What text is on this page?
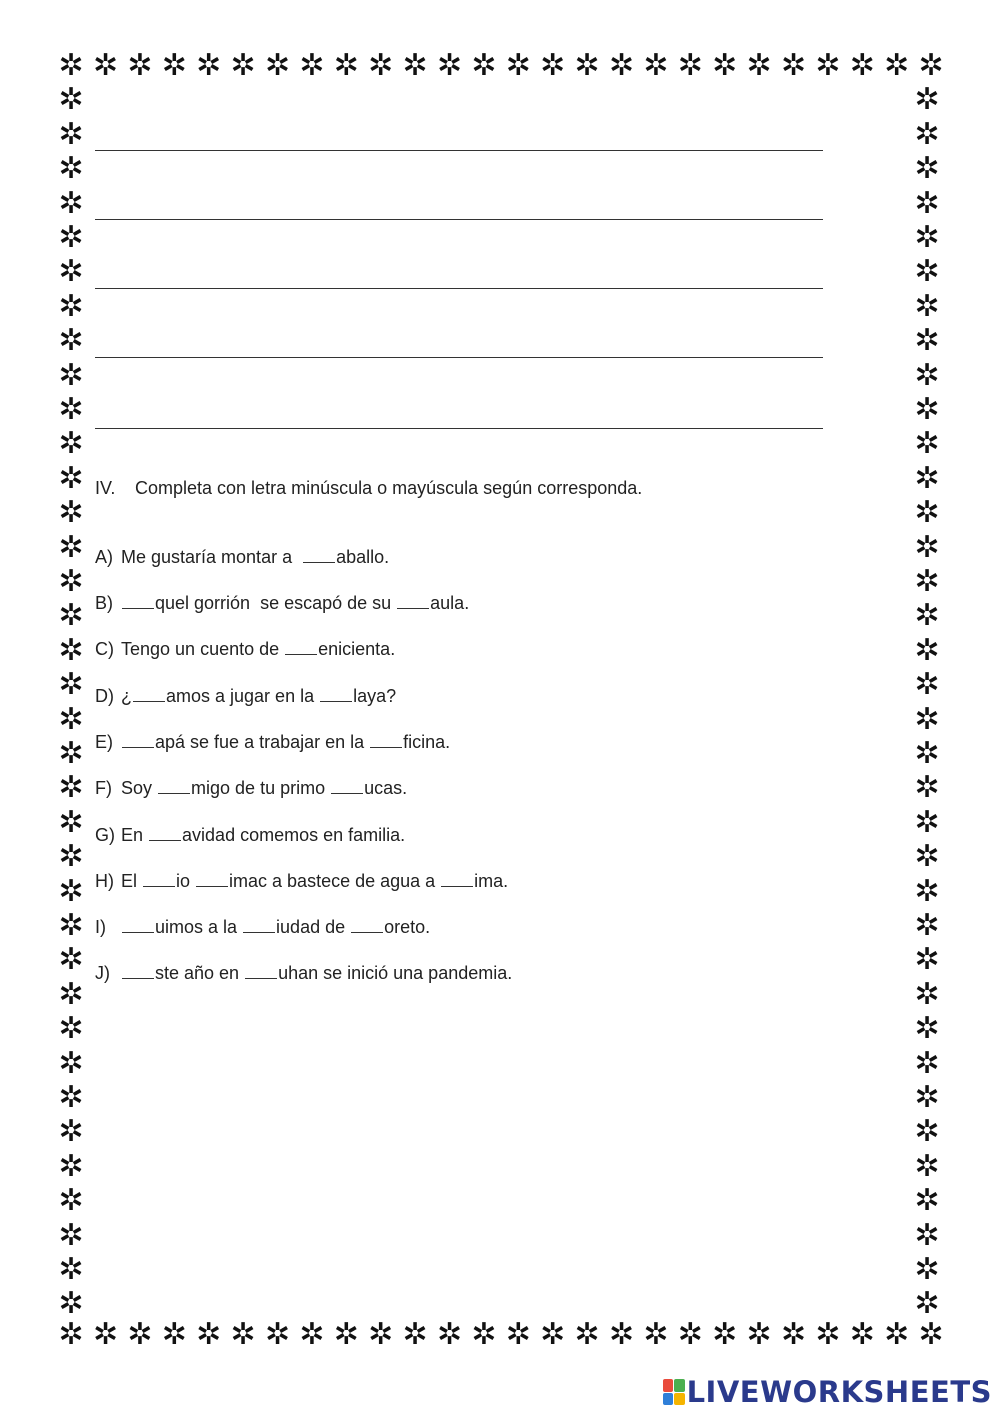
✲
✲
✲
✲
✲
✲
✲
✲
✲
✲
✲
✲
✲
✲
✲
✲
✲
✲
✲
✲
✲
✲
✲
✲
✲
✲
✲
✲
✲
✲
✲
✲
✲
✲
✲
✲
✲
✲
✲
✲
✲
✲
✲
✲
✲
✲
✲
✲
✲
✲
✲
✲
✲	✲
✲	✲
✲	✲
✲	✲
✲	✲
✲	✲
✲	✲
✲	✲
✲	✲
✲	✲
✲	✲
✲	✲
✲	✲
✲	✲
✲	✲
✲	✲
✲	✲
✲	✲
✲	✲
✲	✲
✲	✲
✲	✲
✲	✲
✲	✲
✲	✲
✲	✲
✲	✲
✲	✲
✲	✲
✲	✲
✲	✲
✲	✲
✲	✲
✲	✲
✲	✲
✲	✲
IV. Completa con letra minúscula o mayúscula según corresponda.
A) Me gustaría montar a  aballo.
B) quel gorrión  se escapó de su aula.
C) Tengo un cuento de enicienta.
D) ¿ amos a jugar en la laya?
E) apá se fue a trabajar en la ficina.
F) Soy migo de tu primo ucas.
G) En avidad comemos en familia.
H) El io imac a bastece de agua a ima.
I)	uimos a la iudad de oreto.
J)	ste año en uhan se inició una pandemia.
LIVEWORKSHEETS
